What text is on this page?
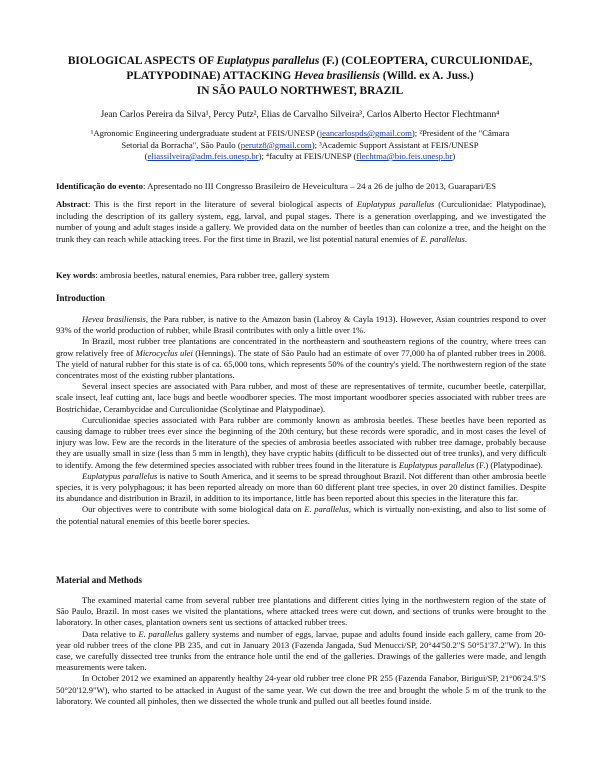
BIOLOGICAL ASPECTS OF Euplatypus parallelus (F.) (COLEOPTERA, CURCULIONIDAE,
PLATYPODINAE) ATTACKING Hevea brasiliensis (Willd. ex A. Juss.)
IN SÃO PAULO NORTHWEST, BRAZIL
Jean Carlos Pereira da Silva¹, Percy Putz², Elias de Carvalho Silveira³, Carlos Alberto Hector Flechtmann⁴
¹Agronomic Engineering undergraduate student at FEIS/UNESP (jeancarlospds@gmail.com); ²President of the "Câmara
Setorial da Borracha", São Paulo (perutz8@gmail.com); ³Academic Support Assistant at FEIS/UNESP
(eliassilveira@adm.feis.unesp.br); ⁴faculty at FEIS/UNESP (flechtma@bio.feis.unesp.br)
Identificação do evento: Apresentado no III Congresso Brasileiro de Heveicultura – 24 a 26 de julho de 2013, Guarapari/ES
Abstract: This is the first report in the literature of several biological aspects of Euplatypus parallelus (Curculionidae: Platypodinae), including the description of its gallery system, egg, larval, and pupal stages. There is a generation overlapping, and we investigated the number of young and adult stages inside a gallery. We provided data on the number of beetles than can colonize a tree, and the height on the trunk they can reach while attacking trees. For the first time in Brazil, we list potential natural enemies of E. parallelus.
Key words: ambrosia beetles, natural enemies, Para rubber tree, gallery system
Introduction

Hevea brasiliensis, the Para rubber, is native to the Amazon basin (Labroy & Cayla 1913). However, Asian countries respond to over 93% of the world production of rubber, while Brasil contributes with only a little over 1%.

In Brazil, most rubber tree plantations are concentrated in the northeastern and southeastern regions of the country, where trees can grow relatively free of Microcyclus ulei (Hennings). The state of São Paulo had an estimate of over 77,000 ha of planted rubber trees in 2008. The yield of natural rubber for this state is of ca. 65,000 tons, which represents 50% of the country's yield. The northwestern region of the state concentrates most of the existing rubber plantations.

Several insect species are associated with Para rubber, and most of these are representatives of termite, cucumber beetle, caterpillar, scale insect, leaf cutting ant, lace bugs and beetle woodborer species. The most important woodborer species associated with rubber trees are Bostrichidae, Cerambycidae and Curculionidae (Scolytinae and Platypodinae).

Curculionidae species associated with Para rubber are commonly known as ambrosia beetles. These beetles have been reported as causing damage to rubber trees ever since the beginning of the 20th century, but these records were sporadic, and in most cases the level of injury was low. Few are the records in the literature of the species of ambrosia beetles associated with rubber tree damage, probably because they are usually small in size (less than 5 mm in length), they have cryptic habits (difficult to be dissected out of tree trunks), and very difficult to identify. Among the few determined species associated with rubber trees found in the literature is Euplatypus parallelus (F.) (Platypodinae).

Euplatypus parallelus is native to South America, and it seems to be spread throughout Brazil. Not different than other ambrosia beetle species, it is very polyphagous; it has been reported already on more than 60 different plant tree species, in over 20 distinct families. Despite its abundance and distribution in Brazil, in addition to its importance, little has been reported about this species in the literature this far.

Our objectives were to contribute with some biological data on E. parallelus, which is virtually non-existing, and also to list some of the potential natural enemies of this beetle borer species.

Material and Methods

The examined material came from several rubber tree plantations and different cities lying in the northwestern region of the state of São Paulo, Brazil. In most cases we visited the plantations, where attacked trees were cut down, and sections of trunks were brought to the laboratory. In other cases, plantation owners sent us sections of attacked rubber trees.

Data relative to E. parallelus gallery systems and number of eggs, larvae, pupae and adults found inside each gallery, came from 20-year old rubber trees of the clone PB 235, and cut in January 2013 (Fazenda Jangada, Sud Menucci/SP, 20°44'50.2"S 50°51'37.2"W). In this case, we carefully dissected tree trunks from the entrance hole until the end of the galleries. Drawings of the galleries were made, and length measurements were taken.

In October 2012 we examined an apparently healthy 24-year old rubber tree clone PR 255 (Fazenda Fanabor, Birigui/SP, 21°06'24.5"S 50°20'12.9"W), who started to be attacked in August of the same year. We cut down the tree and brought the whole 5 m of the trunk to the laboratory. We counted all pinholes, then we dissected the whole trunk and pulled out all beetles found inside.
